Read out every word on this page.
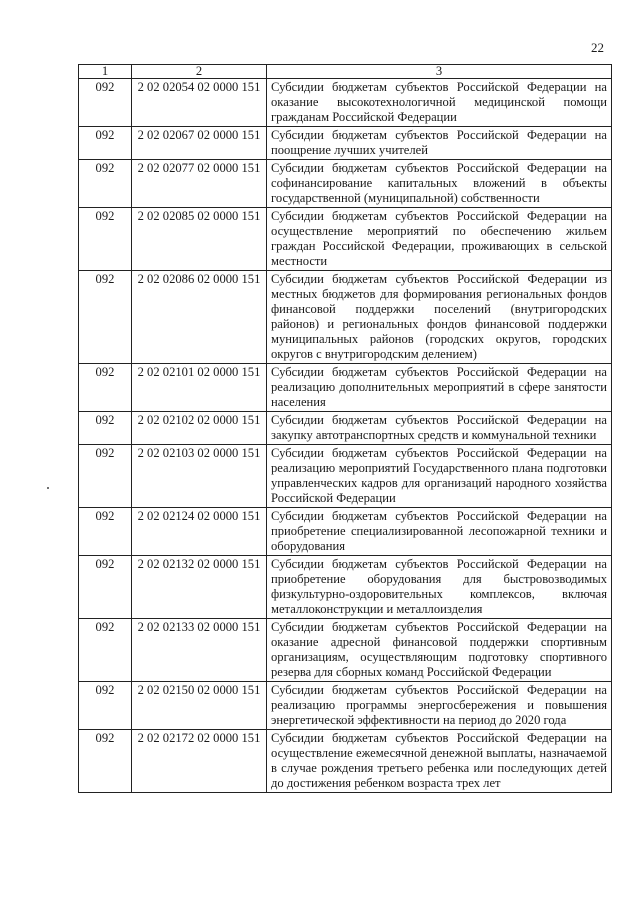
22
1	2	3
092	2 02 02054 02 0000 151	Субсидии бюджетам субъектов Российской Федерации на оказание высокотехнологичной медицинской помощи гражданам Российской Федерации
092	2 02 02067 02 0000 151	Субсидии бюджетам субъектов Российской Федерации на поощрение лучших учителей
092	2 02 02077 02 0000 151	Субсидии бюджетам субъектов Российской Федерации на софинансирование капитальных вложений в объекты государственной (муниципальной) собственности
092	2 02 02085 02 0000 151	Субсидии бюджетам субъектов Российской Федерации на осуществление мероприятий по обеспечению жильем граждан Российской Федерации, проживающих в сельской местности
092	2 02 02086 02 0000 151	Субсидии бюджетам субъектов Российской Федерации из местных бюджетов для формирования региональных фондов финансовой поддержки поселений (внутригородских районов) и региональных фондов финансовой поддержки муниципальных районов (городских округов, городских округов с внутригородским делением)
092	2 02 02101 02 0000 151	Субсидии бюджетам субъектов Российской Федерации на реализацию дополнительных мероприятий в сфере занятости населения
092	2 02 02102 02 0000 151	Субсидии бюджетам субъектов Российской Федерации на закупку автотранспортных средств и коммунальной техники
092	2 02 02103 02 0000 151	Субсидии бюджетам субъектов Российской Федерации на реализацию мероприятий Государственного плана подготовки управленческих кадров для организаций народного хозяйства Российской Федерации
092	2 02 02124 02 0000 151	Субсидии бюджетам субъектов Российской Федерации на приобретение специализированной лесопожарной техники и оборудования
092	2 02 02132 02 0000 151	Субсидии бюджетам субъектов Российской Федерации на приобретение оборудования для быстровозводимых физкультурно-оздоровительных комплексов, включая металлоконструкции и металлоизделия
092	2 02 02133 02 0000 151	Субсидии бюджетам субъектов Российской Федерации на оказание адресной финансовой поддержки спортивным организациям, осуществляющим подготовку спортивного резерва для сборных команд Российской Федерации
092	2 02 02150 02 0000 151	Субсидии бюджетам субъектов Российской Федерации на реализацию программы энергосбережения и повышения энергетической эффективности на период до 2020 года
092	2 02 02172 02 0000 151	Субсидии бюджетам субъектов Российской Федерации на осуществление ежемесячной денежной выплаты, назначаемой в случае рождения третьего ребенка или последующих детей до достижения ребенком возраста трех лет
